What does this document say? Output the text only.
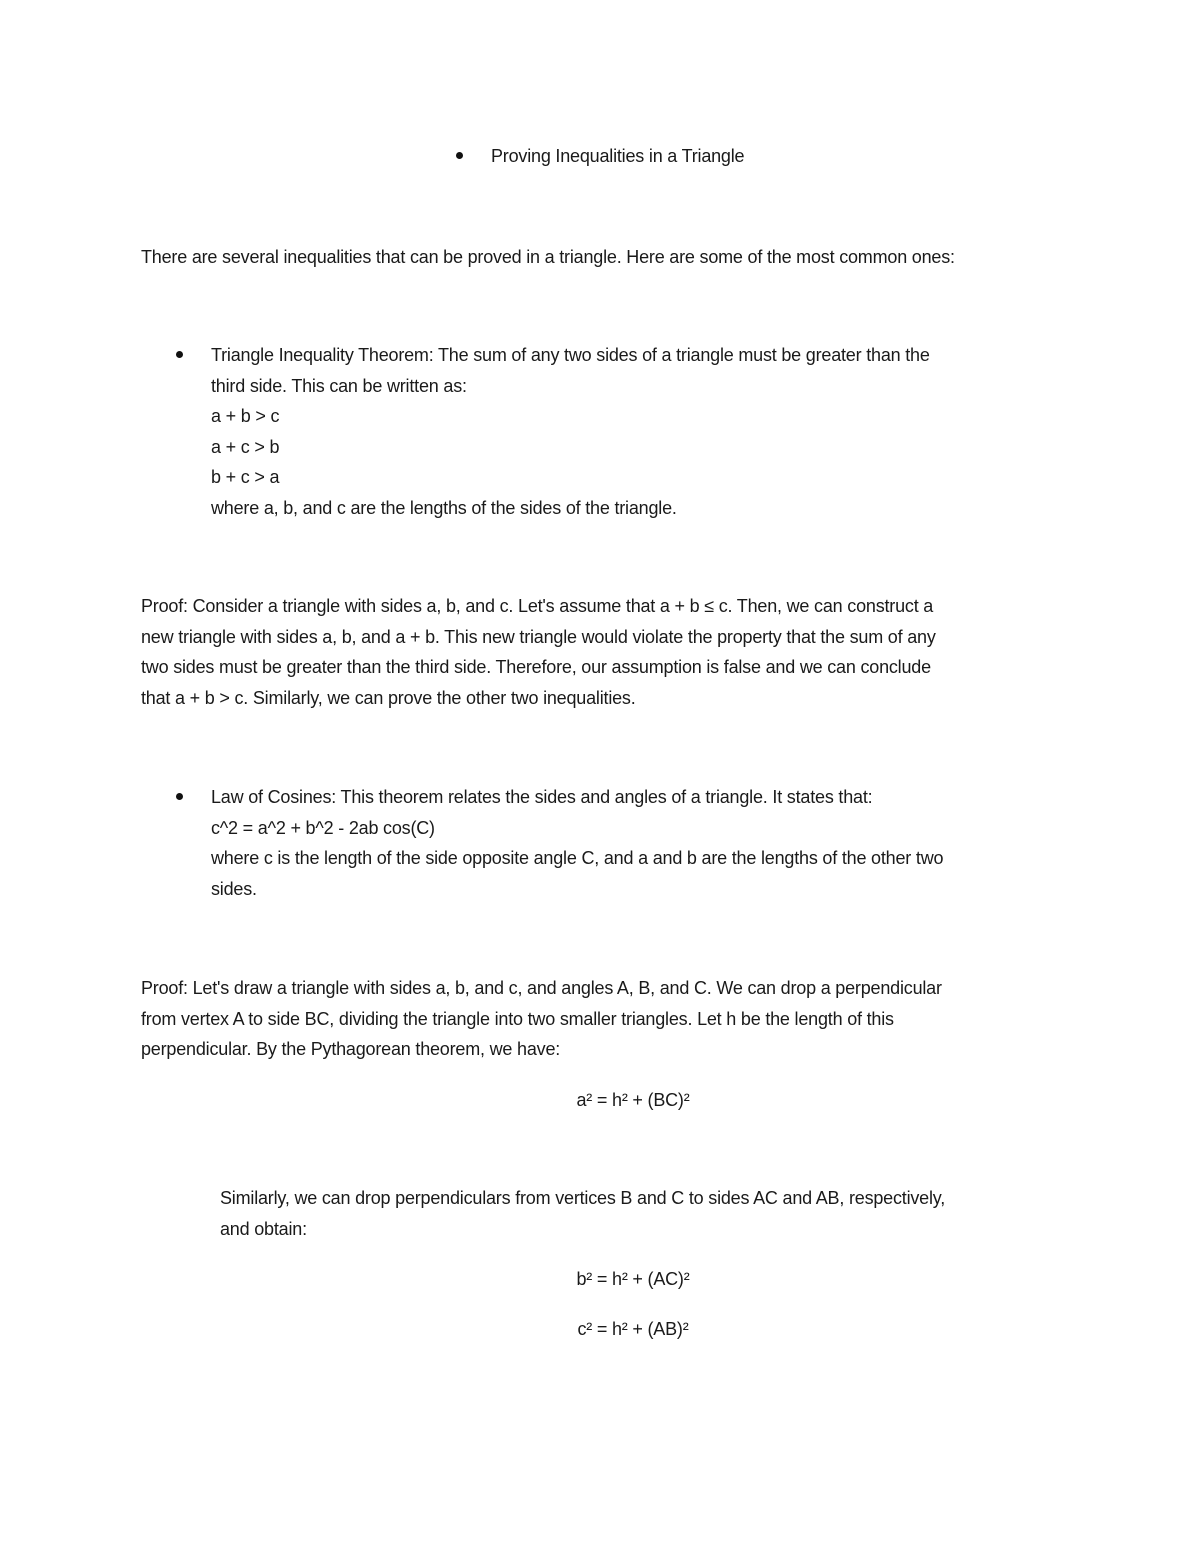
Proving Inequalities in a Triangle
There are several inequalities that can be proved in a triangle. Here are some of the most common ones:
Triangle Inequality Theorem: The sum of any two sides of a triangle must be greater than the
third side. This can be written as:
a + b > c
a + c > b
b + c > a
where a, b, and c are the lengths of the sides of the triangle.
Proof: Consider a triangle with sides a, b, and c. Let's assume that a + b ≤ c. Then, we can construct a
new triangle with sides a, b, and a + b. This new triangle would violate the property that the sum of any
two sides must be greater than the third side. Therefore, our assumption is false and we can conclude
that a + b > c. Similarly, we can prove the other two inequalities.
Law of Cosines: This theorem relates the sides and angles of a triangle. It states that:
c^2 = a^2 + b^2 - 2ab cos(C)
where c is the length of the side opposite angle C, and a and b are the lengths of the other two
sides.
Proof: Let's draw a triangle with sides a, b, and c, and angles A, B, and C. We can drop a perpendicular
from vertex A to side BC, dividing the triangle into two smaller triangles. Let h be the length of this
perpendicular. By the Pythagorean theorem, we have:
a² = h² + (BC)²
Similarly, we can drop perpendiculars from vertices B and C to sides AC and AB, respectively,
and obtain:
b² = h² + (AC)²
c² = h² + (AB)²
